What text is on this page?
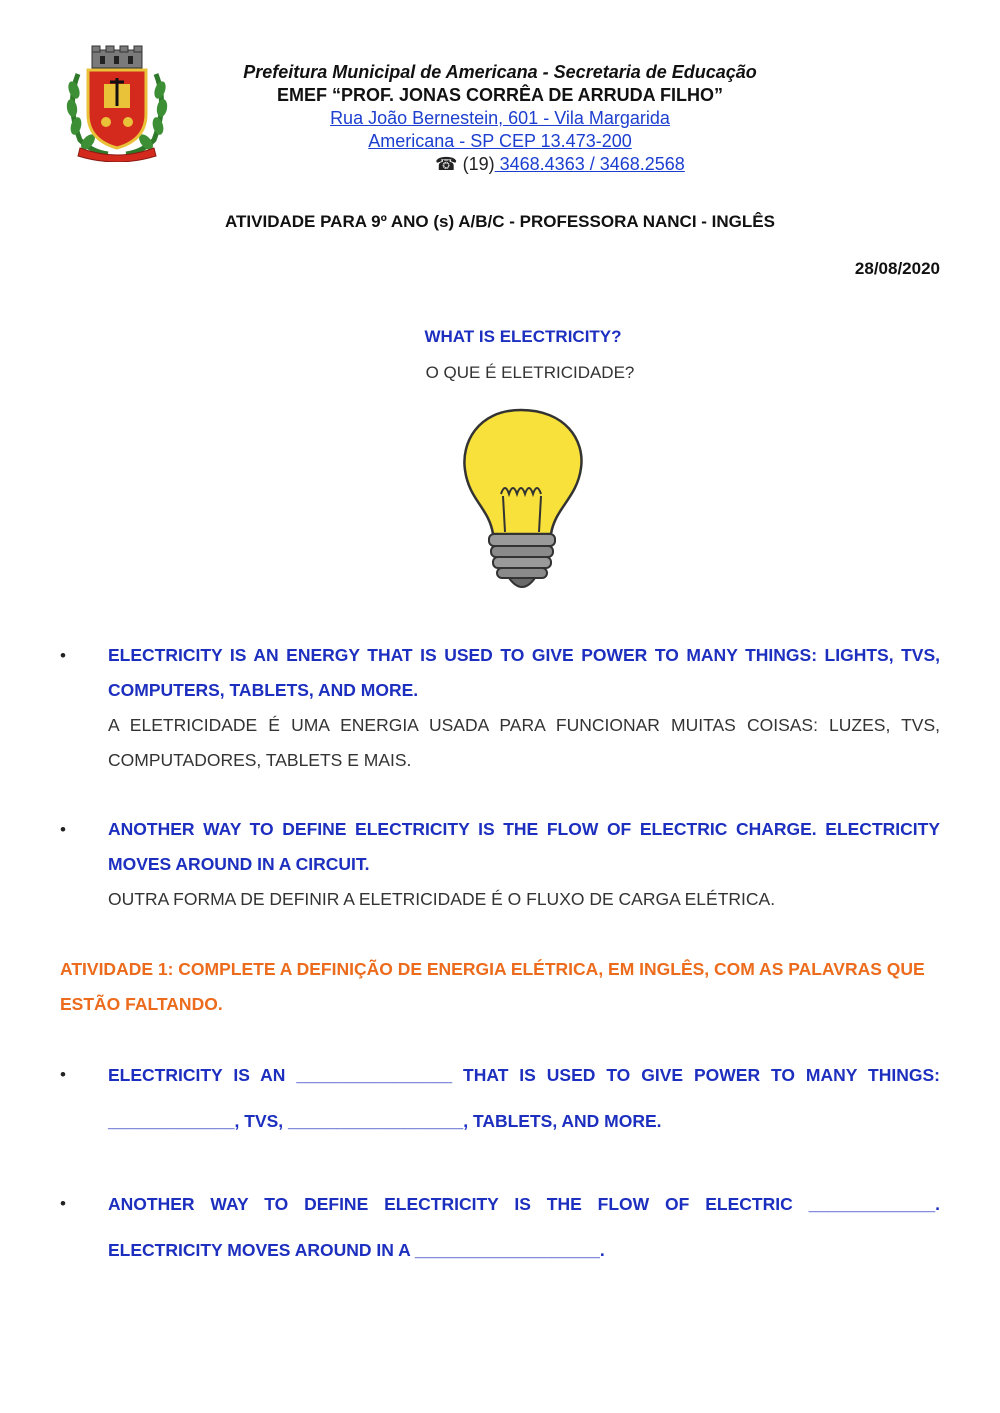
Prefeitura Municipal de Americana - Secretaria de Educação
EMEF “PROF. JONAS CORRÊA DE ARRUDA FILHO”
Rua João Bernestein, 601 - Vila Margarida
Americana - SP CEP 13.473-200
☎ (19) 3468.4363 / 3468.2568
ATIVIDADE PARA 9º ANO (s) A/B/C - PROFESSORA NANCI - INGLÊS
28/08/2020
WHAT IS ELECTRICITY?
O QUE É ELETRICIDADE?
• ELECTRICITY IS AN ENERGY THAT IS USED TO GIVE POWER TO MANY THINGS: LIGHTS, TVS, COMPUTERS, TABLETS, AND MORE.
A ELETRICIDADE É UMA ENERGIA USADA PARA FUNCIONAR MUITAS COISAS: LUZES, TVS, COMPUTADORES, TABLETS E MAIS.
• ANOTHER WAY TO DEFINE ELECTRICITY IS THE FLOW OF ELECTRIC CHARGE. ELECTRICITY MOVES AROUND IN A CIRCUIT.
OUTRA FORMA DE DEFINIR A ELETRICIDADE É O FLUXO DE CARGA ELÉTRICA.
ATIVIDADE 1: COMPLETE A DEFINIÇÃO DE ENERGIA ELÉTRICA, EM INGLÊS, COM AS PALAVRAS QUE ESTÃO FALTANDO.
• ELECTRICITY IS AN ________________ THAT IS USED TO GIVE POWER TO MANY THINGS: _____________, TVS, __________________, TABLETS, AND MORE.
• ANOTHER WAY TO DEFINE ELECTRICITY IS THE FLOW OF ELECTRIC _____________. ELECTRICITY MOVES AROUND IN A ___________________.
